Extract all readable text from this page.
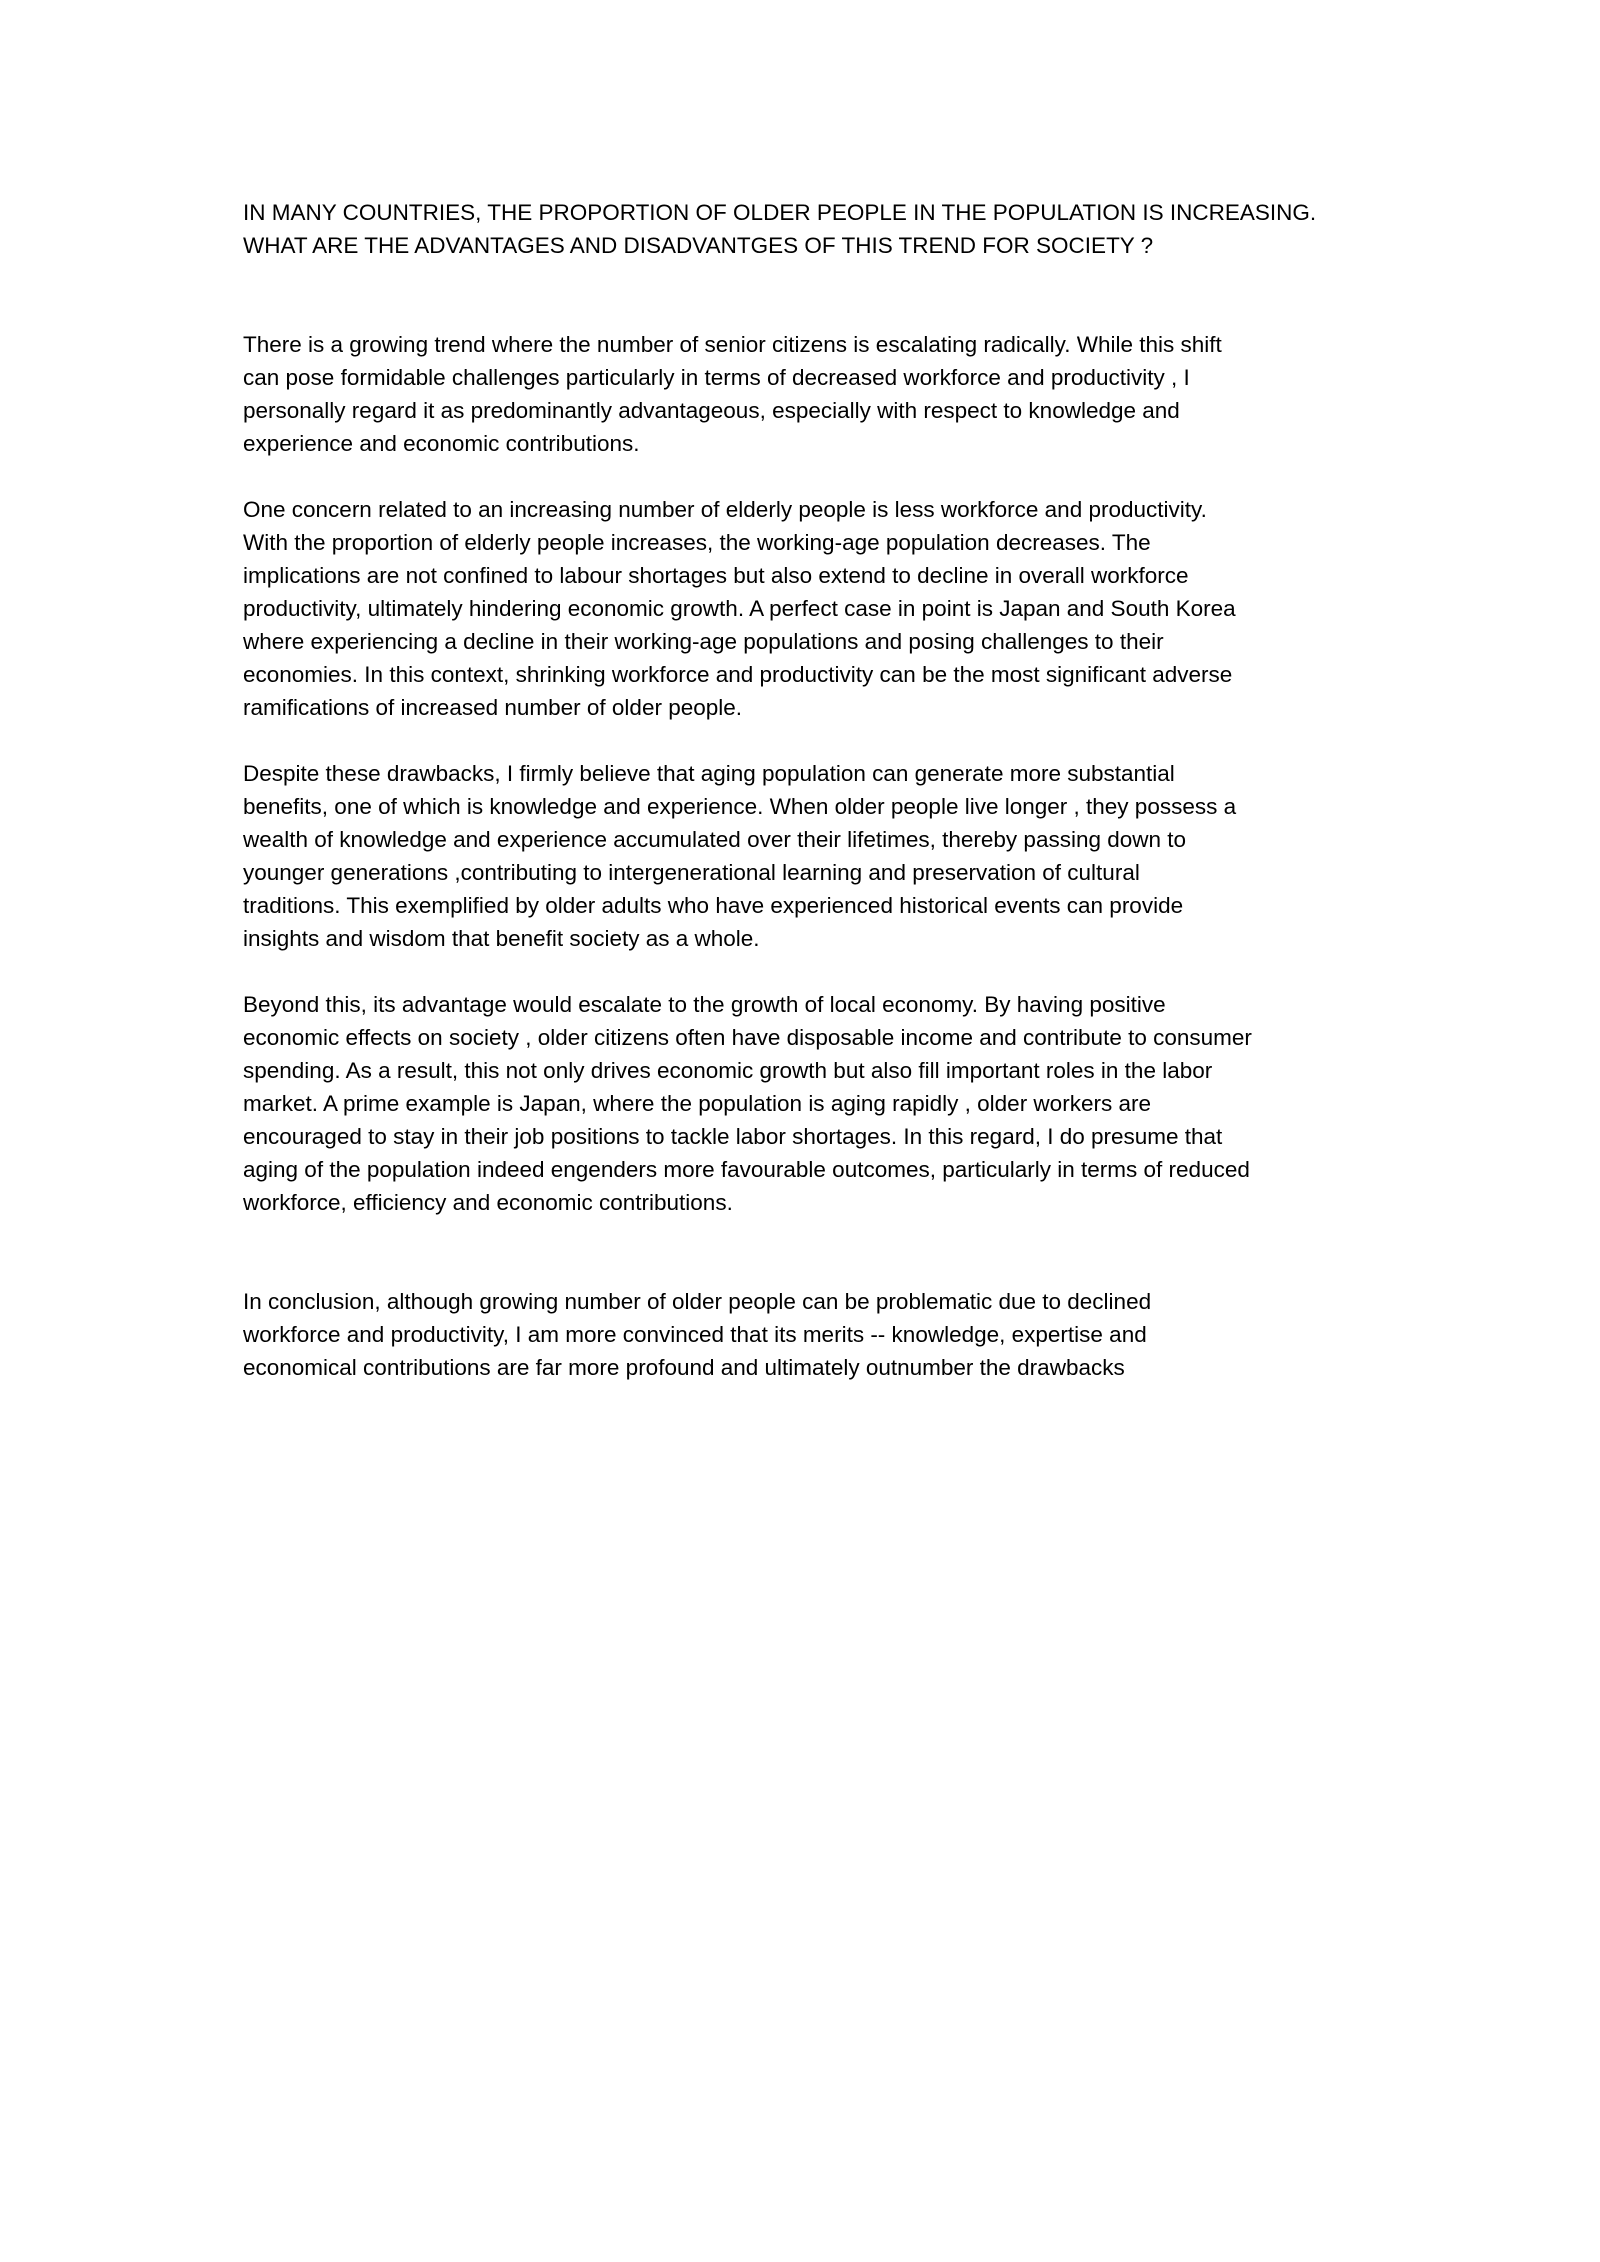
IN MANY COUNTRIES, THE PROPORTION OF OLDER PEOPLE IN THE POPULATION IS INCREASING.
WHAT ARE THE ADVANTAGES AND DISADVANTGES OF THIS TREND FOR SOCIETY ?

There is a growing trend where the number of senior citizens is escalating radically. While this shift
can pose formidable challenges particularly in terms of decreased workforce and productivity , I
personally regard it as predominantly advantageous, especially with respect to knowledge and
experience and economic contributions.

One concern related to an increasing number of elderly people is less workforce and productivity.
With the proportion of elderly people increases, the working-age population decreases. The
implications are not confined to labour shortages but also extend to decline in overall workforce
productivity, ultimately hindering economic growth. A perfect case in point is Japan and South Korea
where experiencing a decline in their working-age populations and posing challenges to their
economies. In this context, shrinking workforce and productivity can be the most significant adverse
ramifications of increased number of older people.

Despite these drawbacks, I firmly believe that aging population can generate more substantial
benefits, one of which is knowledge and experience. When older people live longer , they possess a
wealth of knowledge and experience accumulated over their lifetimes, thereby passing down to
younger generations ,contributing to intergenerational learning and preservation of cultural
traditions. This exemplified by older adults who have experienced historical events can provide
insights and wisdom that benefit society as a whole.

Beyond this, its advantage would escalate to the growth of local economy. By having positive
economic effects on society , older citizens often have disposable income and contribute to consumer
spending. As a result, this not only drives economic growth but also fill important roles in the labor
market. A prime example is Japan, where the population is aging rapidly , older workers are
encouraged to stay in their job positions to tackle labor shortages. In this regard, I do presume that
aging of the population indeed engenders more favourable outcomes, particularly in terms of reduced
workforce, efficiency and economic contributions.

In conclusion, although growing number of older people can be problematic due to declined
workforce and productivity, I am more convinced that its merits -- knowledge, expertise and
economical contributions are far more profound and ultimately outnumber the drawbacks
